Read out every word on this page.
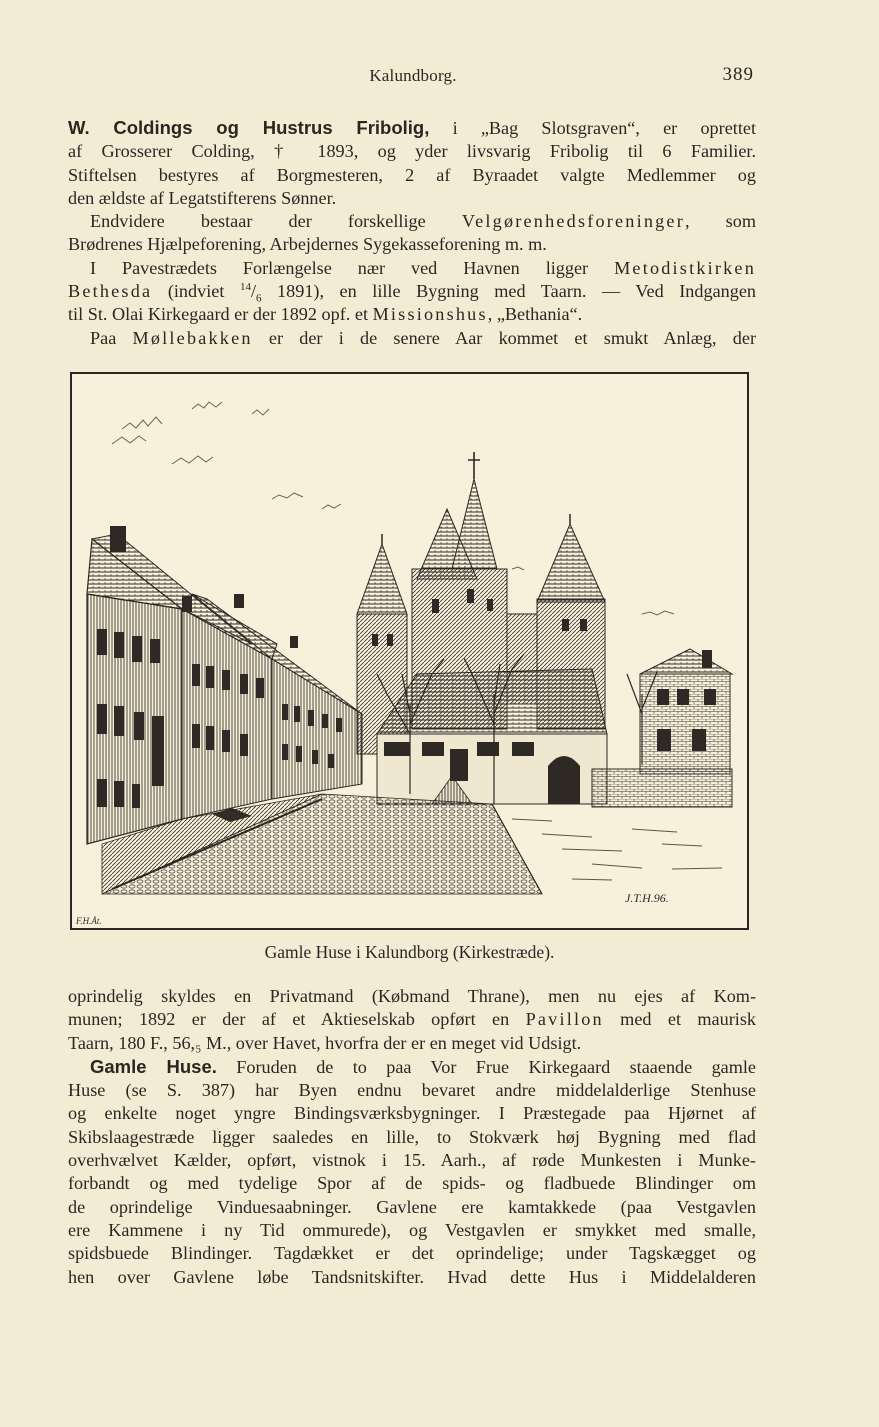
Kalundborg.	389

W. Coldings og Hustrus Fribolig, i „Bag Slotsgraven“, er oprettet

af Grosserer Colding, † 1893, og yder livsvarig Fribolig til 6 Familier.

Stiftelsen bestyres af Borgmesteren, 2 af Byraadet valgte Medlemmer og

den ældste af Legatstifterens Sønner.

Endvidere bestaar der forskellige Velgørenhedsforeninger, som

Brødrenes Hjælpeforening, Arbejdernes Sygekasseforening m. m.

I Pavestrædets Forlængelse nær ved Havnen ligger Metodistkirken

Bethesda (indviet $^{14}/_6$ 1891), en lille Bygning med Taarn. — Ved Indgangen

til St. Olai Kirkegaard er der 1892 opf. et Missionshus, „Bethania“.

Paa Møllebakken er der i de senere Aar kommet et smukt Anlæg, der

F.H.Åt.
J.T.H.96.
Gamle Huse i Kalundborg (Kirkestræde).

oprindelig skyldes en Privatmand (Købmand Thrane), men nu ejes af Kom-

munen; 1892 er der af et Aktieselskab opført en Pavillon med et maurisk

Taarn, 180 F., 56,₅ M., over Havet, hvorfra der er en meget vid Udsigt.

Gamle Huse. Foruden de to paa Vor Frue Kirkegaard staaende gamle

Huse (se S. 387) har Byen endnu bevaret andre middelalderlige Stenhuse

og enkelte noget yngre Bindingsværksbygninger. I Præstegade paa Hjørnet af

Skibslaagestræde ligger saaledes en lille, to Stokværk høj Bygning med flad

overhvælvet Kælder, opført, vistnok i 15. Aarh., af røde Munkesten i Munke-

forbandt og med tydelige Spor af de spids- og fladbuede Blindinger om

de oprindelige Vinduesaabninger. Gavlene ere kamtakkede (paa Vestgavlen

ere Kammene i ny Tid ommurede), og Vestgavlen er smykket med smalle,

spidsbuede Blindinger. Tagdækket er det oprindelige; under Tagskægget og

hen over Gavlene løbe Tandsnitskifter. Hvad dette Hus i Middelalderen
